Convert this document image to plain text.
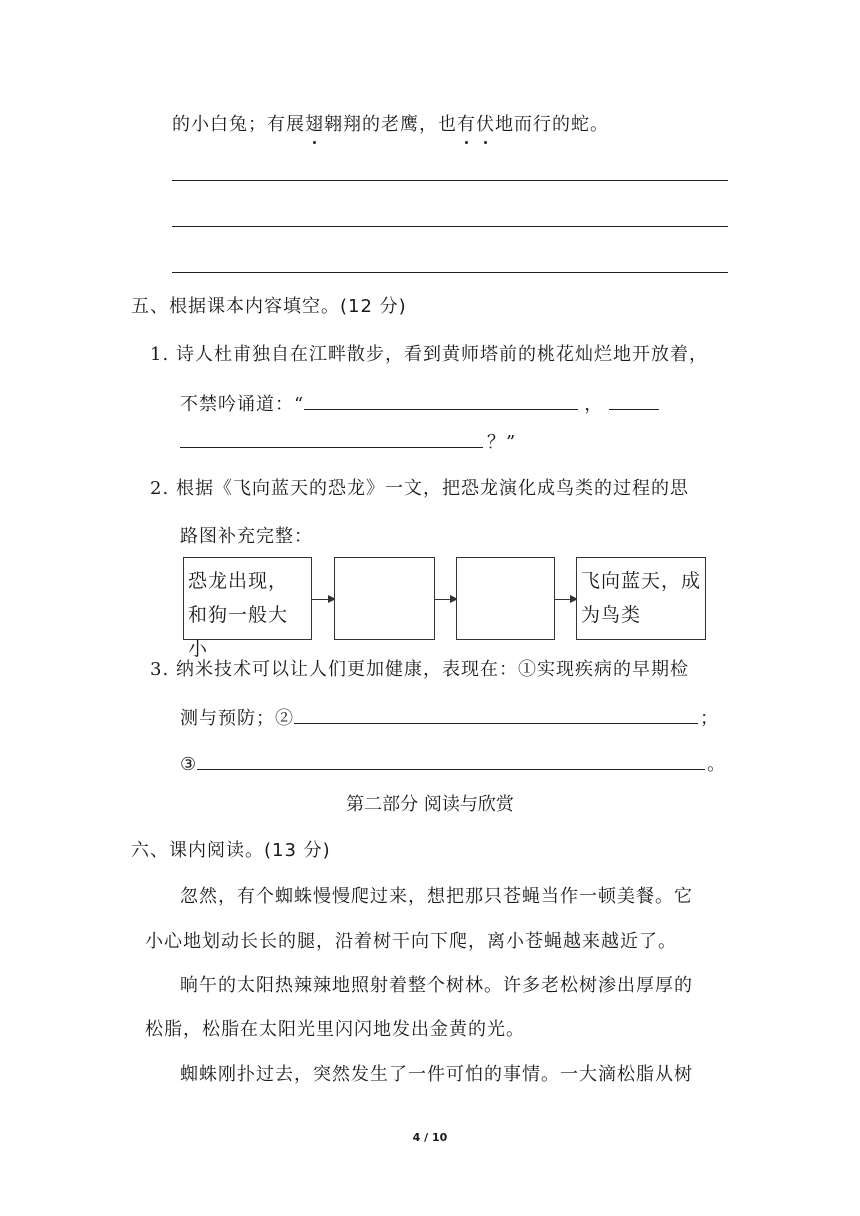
的小白兔；有展翅翱翔的老鹰，也有伏地而行的蛇。
五、根据课本内容填空。(12 分)
1. 诗人杜甫独自在江畔散步，看到黄师塔前的桃花灿烂地开放着，
不禁吟诵道：“	，
？”
2. 根据《飞向蓝天的恐龙》一文，把恐龙演化成鸟类的过程的思
路图补充完整：
恐龙出现，和狗一般大小
飞向蓝天，成为鸟类
3. 纳米技术可以让人们更加健康，表现在：①实现疾病的早期检
测与预防；②	；
③	。
第二部分 阅读与欣赏
六、课内阅读。(13 分)
忽然，有个蜘蛛慢慢爬过来，想把那只苍蝇当作一顿美餐。它
小心地划动长长的腿，沿着树干向下爬，离小苍蝇越来越近了。
晌午的太阳热辣辣地照射着整个树林。许多老松树渗出厚厚的
松脂，松脂在太阳光里闪闪地发出金黄的光。
蜘蛛刚扑过去，突然发生了一件可怕的事情。一大滴松脂从树
4 / 10
